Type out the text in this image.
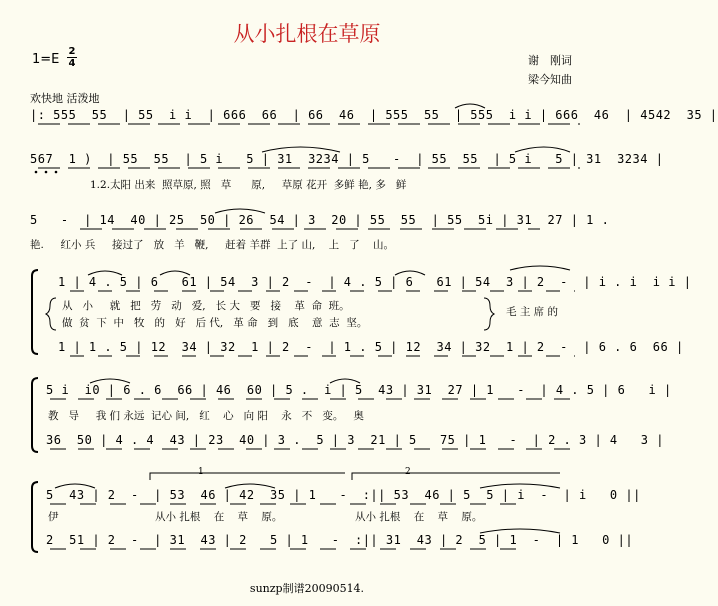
从小扎根在草原
1=E
2
4	谢　刚词
梁今知曲
欢快地 活泼地
|: 555  55  | 55  i i  | 666  66  | 66  46  | 555  55  | 555  i i | 666  46  | 4542  35 |
567  1 )  | 55  55  | 5 i   5 | 31  3234 | 5   -  | 55  55  | 5 i   5 | 31  3234 |
1.2.太阳 出来  照草原, 照   草      原,     草原 花开  多鲜 艳, 多   鲜
5   -  | 14  40 | 25  50 | 26  54 | 3  20 | 55  55  | 55  5i | 31  27 | 1 .
艳.     红小 兵     接过了   放   羊   鞭,     赶着 羊群  上了 山,    上   了    山。
1 | 4 . 5 | 6   61 | 54  3 | 2  -  | 4 . 5 | 6   61 | 54  3 | 2  -  | i . i  i i |
从   小     就   把   劳   动   爱,   长 大   要   接    革  命  班。
做  贫  下  中   牧   的   好   后 代,   革 命   到   底    意  志  坚。
毛 主 席 的
1 | 1 . 5 | 12  34 | 32  1 | 2  -  | 1 . 5 | 12  34 | 32  1 | 2  -  | 6 . 6  66 |
5 i  i0 | 6 . 6  66 | 46  60 | 5 .  i | 5  43 | 31  27 | 1   -  | 4 . 5 | 6   i |
教   导     我 们 永远  记心 间,   红    心   向 阳    永   不   变。   奥
36  50 | 4 . 4  43 | 23  40 | 3 .  5 | 3  21 | 5   75 | 1   -  | 2 . 3 | 4   3 |
5  43 | 2  -  | 53  46 | 42  35 | 1   -  :|| 53  46 | 5  5 | i  -  | i   0 ||
伊	从小 扎根    在    草    原。	从小 扎根    在    草    原。
2  51 | 2  -  | 31  43 | 2   5 | 1   -  :|| 31  43 | 2  5 | 1  -  | 1   0 ||
1	2
sunzp制谱20090514.
